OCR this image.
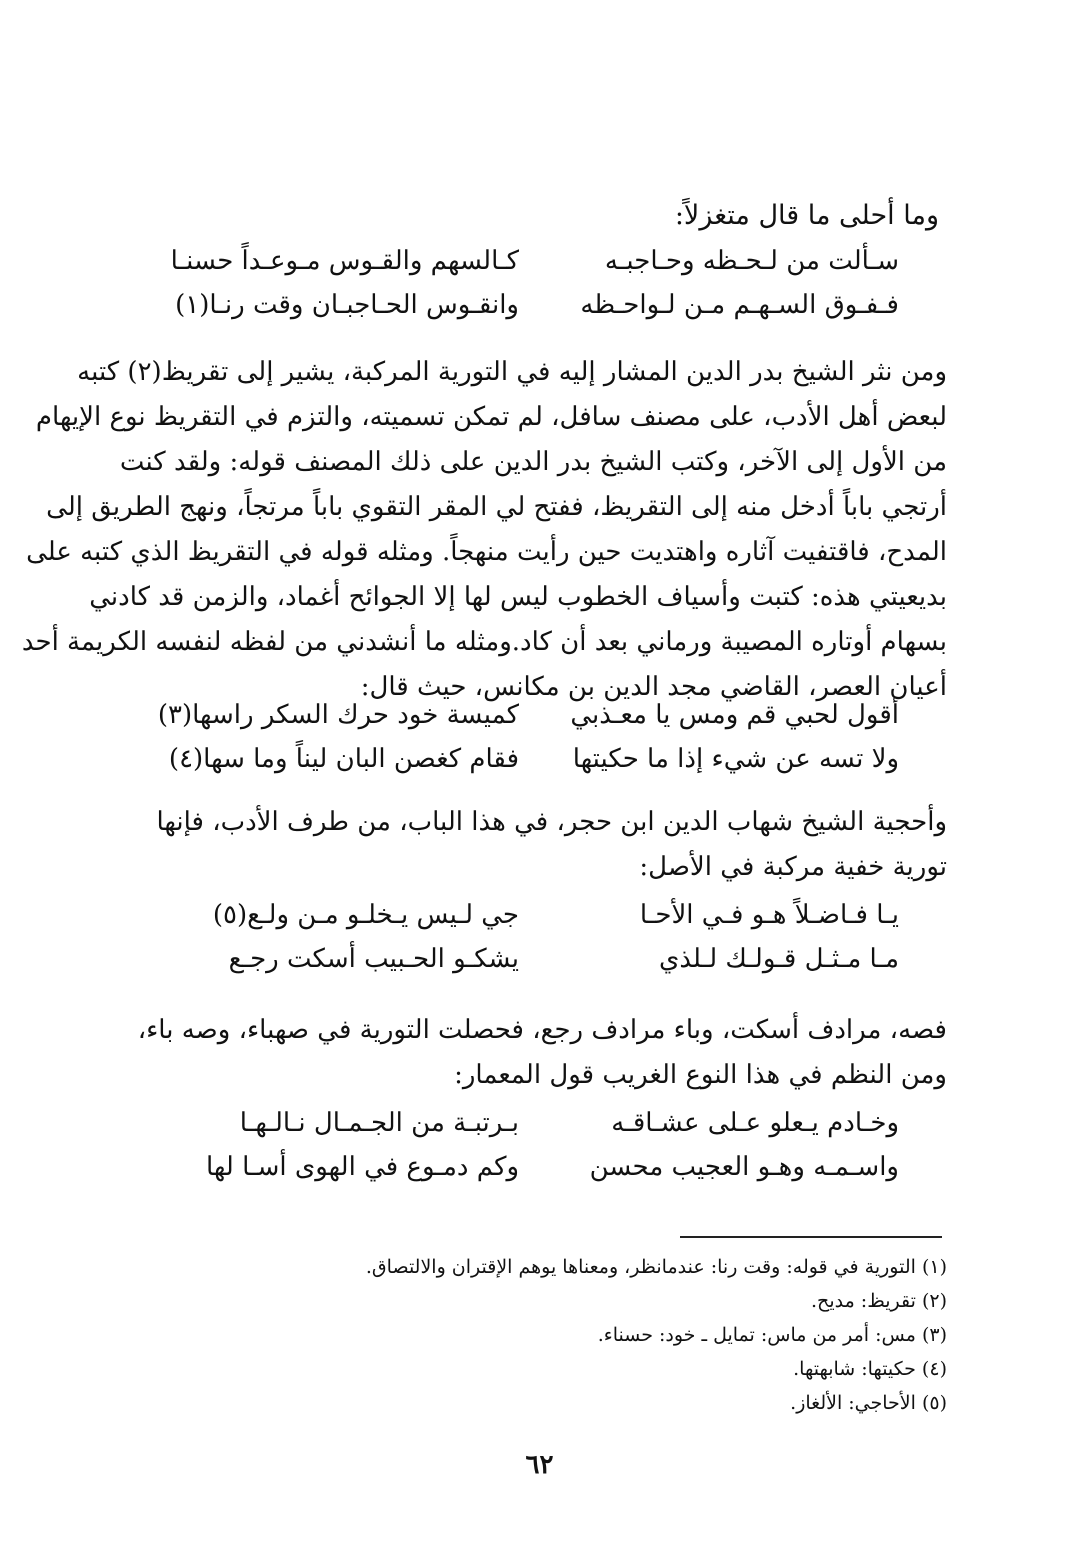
وما أحلى ما قال متغزلاً:
سـألت من لـحـظه وحـاجبـه
كـالسهم والقـوس مـوعـداً حسنـا
فـفـوق السـهـم مـن لـواحـظه
وانقـوس الحـاجبـان وقت رنـا(١)
ومن نثر الشيخ بدر الدين المشار إليه في التورية المركبة، يشير إلى تقريظ(٢) كتبه
لبعض أهل الأدب، على مصنف سافل، لم تمكن تسميته، والتزم في التقريظ نوع الإيهام
من الأول إلى الآخر، وكتب الشيخ بدر الدين على ذلك المصنف قوله: ولقد كنت
أرتجي باباً أدخل منه إلى التقريظ، ففتح لي المقر التقوي باباً مرتجاً، ونهج الطريق إلى
المدح، فاقتفيت آثاره واهتديت حين رأيت منهجاً. ومثله قوله في التقريظ الذي كتبه على
بديعيتي هذه: كتبت وأسياف الخطوب ليس لها إلا الجوائح أغماد، والزمن قد كادني
بسهام أوتاره المصيبة ورماني بعد أن كاد.ومثله ما أنشدني من لفظه لنفسه الكريمة أحد
أعيان العصر، القاضي مجد الدين بن مكانس، حيث قال:
أقول لحبي قم ومس يا معـذبي
كميسة خود حرك السكر راسها(٣)
ولا تسه عن شيء إذا ما حكيتها
فقام كغصن البان ليناً وما سها(٤)
وأحجية الشيخ شهاب الدين ابن حجر، في هذا الباب، من طرف الأدب، فإنها
تورية خفية مركبة في الأصل:
يـا فـاضـلاً هـو فـي الأحـا
جي لـيس يـخلـو مـن ولـع(٥)
مـا مـثـل قـولـك لـلذي
يشكـو الحـبيب أسكت رجـع
فصه، مرادف أسكت، وباء مرادف رجع، فحصلت التورية في صهباء، وصه باء،
ومن النظم في هذا النوع الغريب قول المعمار:
وخـادم يـعلو عـلى عشـاقـه
بـرتبـة من الجـمـال نـالـهـا
واسـمـه وهـو العجيب محسن
وكم دمـوع في الهوى أسـا لها
(١) التورية في قوله: وقت رنا: عندمانظر، ومعناها يوهم الإقتران والالتصاق.
(٢) تقريظ: مديح.
(٣) مس: أمر من ماس: تمايل ـ خود: حسناء.
(٤) حكيتها: شابهتها.
(٥) الأحاجي: الألغاز.
٦٢
